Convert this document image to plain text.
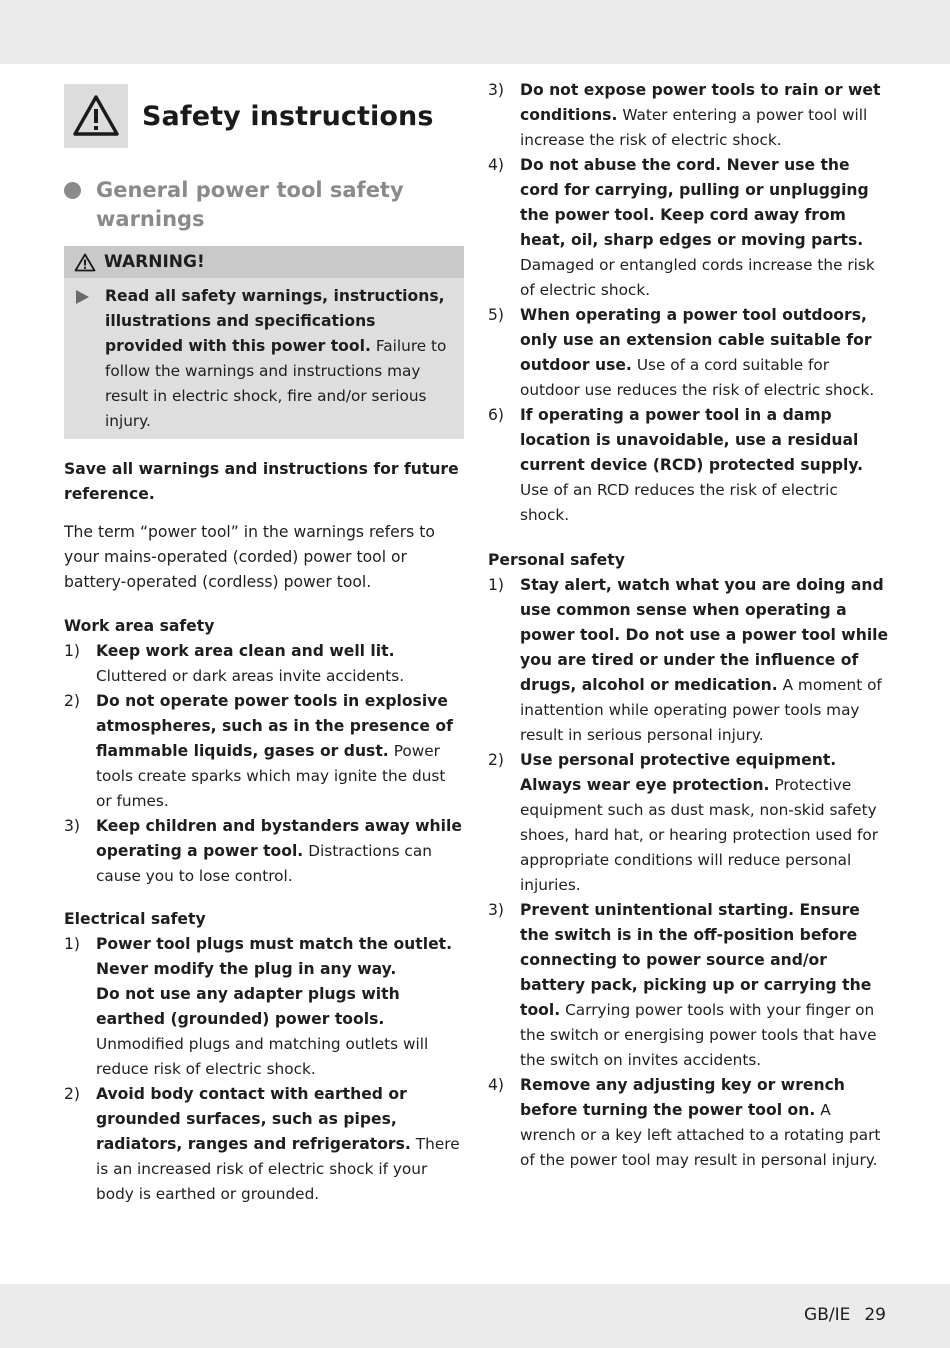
Safety instructions
General power tool safety warnings
WARNING!
Read all safety warnings, instructions, illustrations and specifications provided with this power tool. Failure to follow the warnings and instructions may result in electric shock, fire and/or serious injury.

Save all warnings and instructions for future reference.

The term “power tool” in the warnings refers to your mains-operated (corded) power tool or battery-operated (cordless) power tool.

Work area safety
1)	Keep work area clean and well lit. Cluttered or dark areas invite accidents.
2)	Do not operate power tools in explosive atmospheres, such as in the presence of flammable liquids, gases or dust. Power tools create sparks which may ignite the dust or fumes.
3)	Keep children and bystanders away while operating a power tool. Distractions can cause you to lose control.
Electrical safety
1)	Power tool plugs must match the outlet. Never modify the plug in any way.
Do not use any adapter plugs with earthed (grounded) power tools. Unmodified plugs and matching outlets will reduce risk of electric shock.
2)	Avoid body contact with earthed or grounded surfaces, such as pipes, radiators, ranges and refrigerators. There is an increased risk of electric shock if your body is earthed or grounded.
3)	Do not expose power tools to rain or wet conditions. Water entering a power tool will increase the risk of electric shock.
4)	Do not abuse the cord. Never use the cord for carrying, pulling or unplugging the power tool. Keep cord away from heat, oil, sharp edges or moving parts. Damaged or entangled cords increase the risk of electric shock.
5)	When operating a power tool outdoors, only use an extension cable suitable for outdoor use. Use of a cord suitable for outdoor use reduces the risk of electric shock.
6)	If operating a power tool in a damp location is unavoidable, use a residual current device (RCD) protected supply. Use of an RCD reduces the risk of electric shock.
Personal safety
1)	Stay alert, watch what you are doing and use common sense when operating a power tool. Do not use a power tool while you are tired or under the influence of drugs, alcohol or medication. A moment of inattention while operating power tools may result in serious personal injury.
2)	Use personal protective equipment. Always wear eye protection. Protective equipment such as dust mask, non-skid safety shoes, hard hat, or hearing protection used for appropriate conditions will reduce personal injuries.
3)	Prevent unintentional starting. Ensure the switch is in the off-position before connecting to power source and/or battery pack, picking up or carrying the tool. Carrying power tools with your finger on the switch or energising power tools that have the switch on invites accidents.
4)	Remove any adjusting key or wrench before turning the power tool on. A wrench or a key left attached to a rotating part of the power tool may result in personal injury.
GB/IE 29
